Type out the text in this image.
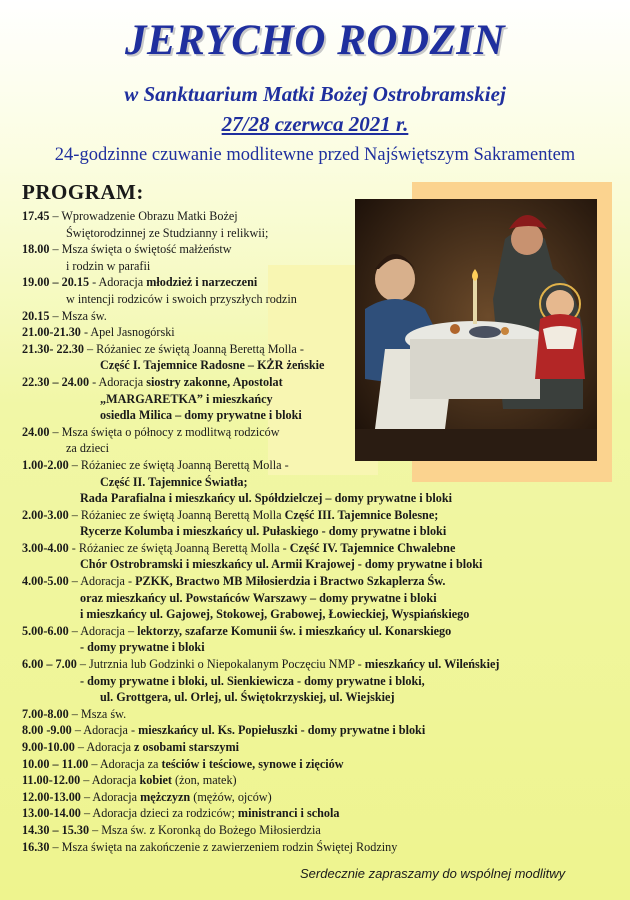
JERYCHO RODZIN
w Sanktuarium Matki Bożej Ostrobramskiej
27/28 czerwca 2021 r.
24-godzinne czuwanie modlitewne przed Najświętszym Sakramentem
PROGRAM:
17.45 – Wprowadzenie Obrazu Matki Bożej
Świętorodzinnej ze Studzianny i relikwii;
18.00 – Msza święta o świętość małżeństw
i rodzin w parafii
19.00 – 20.15 - Adoracja młodzież i narzeczeni
w intencji rodziców i swoich przyszłych rodzin
20.15 – Msza św.
21.00-21.30 - Apel Jasnogórski
21.30- 22.30 – Różaniec ze świętą Joanną Berettą Molla -
Część I. Tajemnice Radosne – KŻR żeńskie
22.30 – 24.00 - Adoracja siostry zakonne, Apostolat
„MARGARETKA” i mieszkańcy
osiedla Milica – domy prywatne i bloki
24.00 – Msza święta o północy z modlitwą rodziców
za dzieci
1.00-2.00 – Różaniec ze świętą Joanną Berettą Molla -
Część II. Tajemnice Światła;
Rada Parafialna i mieszkańcy ul. Spółdzielczej – domy prywatne i bloki
2.00-3.00 – Różaniec ze świętą Joanną Berettą Molla Część III. Tajemnice Bolesne;
Rycerze Kolumba i mieszkańcy ul. Pułaskiego - domy prywatne i bloki
3.00-4.00 - Różaniec ze świętą Joanną Berettą Molla - Część IV. Tajemnice Chwalebne
Chór Ostrobramski i mieszkańcy ul. Armii Krajowej - domy prywatne i bloki
4.00-5.00 – Adoracja - PZKK, Bractwo MB Miłosierdzia i Bractwo Szkaplerza Św.
oraz mieszkańcy ul. Powstańców Warszawy – domy prywatne i bloki
i mieszkańcy ul. Gajowej, Stokowej, Grabowej, Łowieckiej, Wyspiańskiego
5.00-6.00 – Adoracja – lektorzy, szafarze Komunii św. i mieszkańcy ul. Konarskiego
- domy prywatne i bloki
6.00 – 7.00 – Jutrznia lub Godzinki o Niepokalanym Poczęciu NMP - mieszkańcy ul. Wileńskiej
- domy prywatne i bloki, ul. Sienkiewicza - domy prywatne i bloki,
ul. Grottgera, ul. Orlej, ul. Świętokrzyskiej, ul. Wiejskiej
7.00-8.00 – Msza św.
8.00 -9.00 – Adoracja - mieszkańcy ul. Ks. Popiełuszki - domy prywatne i bloki
9.00-10.00 – Adoracja z osobami starszymi
10.00 – 11.00 – Adoracja za teściów i teściowe, synowe i zięciów
11.00-12.00 – Adoracja kobiet (żon, matek)
12.00-13.00 – Adoracja mężczyzn (mężów, ojców)
13.00-14.00 – Adoracja dzieci za rodziców; ministranci i schola
14.30 – 15.30 – Msza św. z Koronką do Bożego Miłosierdzia
16.30 – Msza święta na zakończenie z zawierzeniem rodzin Świętej Rodziny
Serdecznie zapraszamy do wspólnej modlitwy
